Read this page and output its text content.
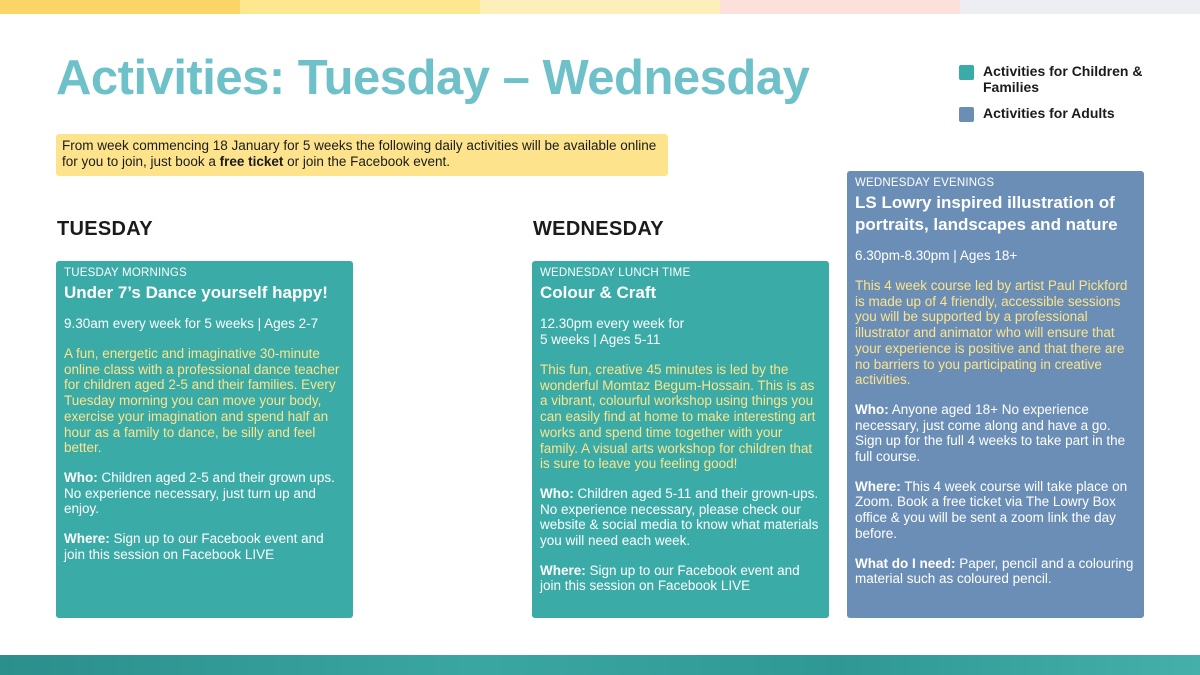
Activities: Tuesday – Wednesday	Activities for Children & Families
Activities for Adults
From week commencing 18 January for 5 weeks the following daily activities will be available online for you to join, just book a free ticket or join the Facebook event.
TUESDAY	WEDNESDAY
TUESDAY MORNINGS
Under 7’s Dance yourself happy!
9.30am every week for 5 weeks | Ages 2-7
A fun, energetic and imaginative 30-minute online class with a professional dance teacher for children aged 2-5 and their families. Every Tuesday morning you can move your body, exercise your imagination and spend half an hour as a family to dance, be silly and feel better.
Who: Children aged 2-5 and their grown ups. No experience necessary, just turn up and enjoy.
Where: Sign up to our Facebook event and join this session on Facebook LIVE
WEDNESDAY LUNCH TIME
Colour & Craft
12.30pm every week for
5 weeks | Ages 5-11
This fun, creative 45 minutes is led by the wonderful Momtaz Begum-Hossain. This is as a vibrant, colourful workshop using things you can easily find at home to make interesting art works and spend time together with your family. A visual arts workshop for children that is sure to leave you feeling good!
Who: Children aged 5-11 and their grown-ups. No experience necessary, please check our website & social media to know what materials you will need each week.
Where: Sign up to our Facebook event and join this session on Facebook LIVE
WEDNESDAY EVENINGS
LS Lowry inspired illustration of portraits, landscapes and nature
6.30pm-8.30pm | Ages 18+
This 4 week course led by artist Paul Pickford is made up of 4 friendly, accessible sessions you will be supported by a professional illustrator and animator who will ensure that your experience is positive and that there are no barriers to you participating in creative activities.
Who: Anyone aged 18+ No experience necessary, just come along and have a go. Sign up for the full 4 weeks to take part in the full course.
Where: This 4 week course will take place on Zoom. Book a free ticket via The Lowry Box office & you will be sent a zoom link the day before.
What do I need: Paper, pencil and a colouring material such as coloured pencil.
